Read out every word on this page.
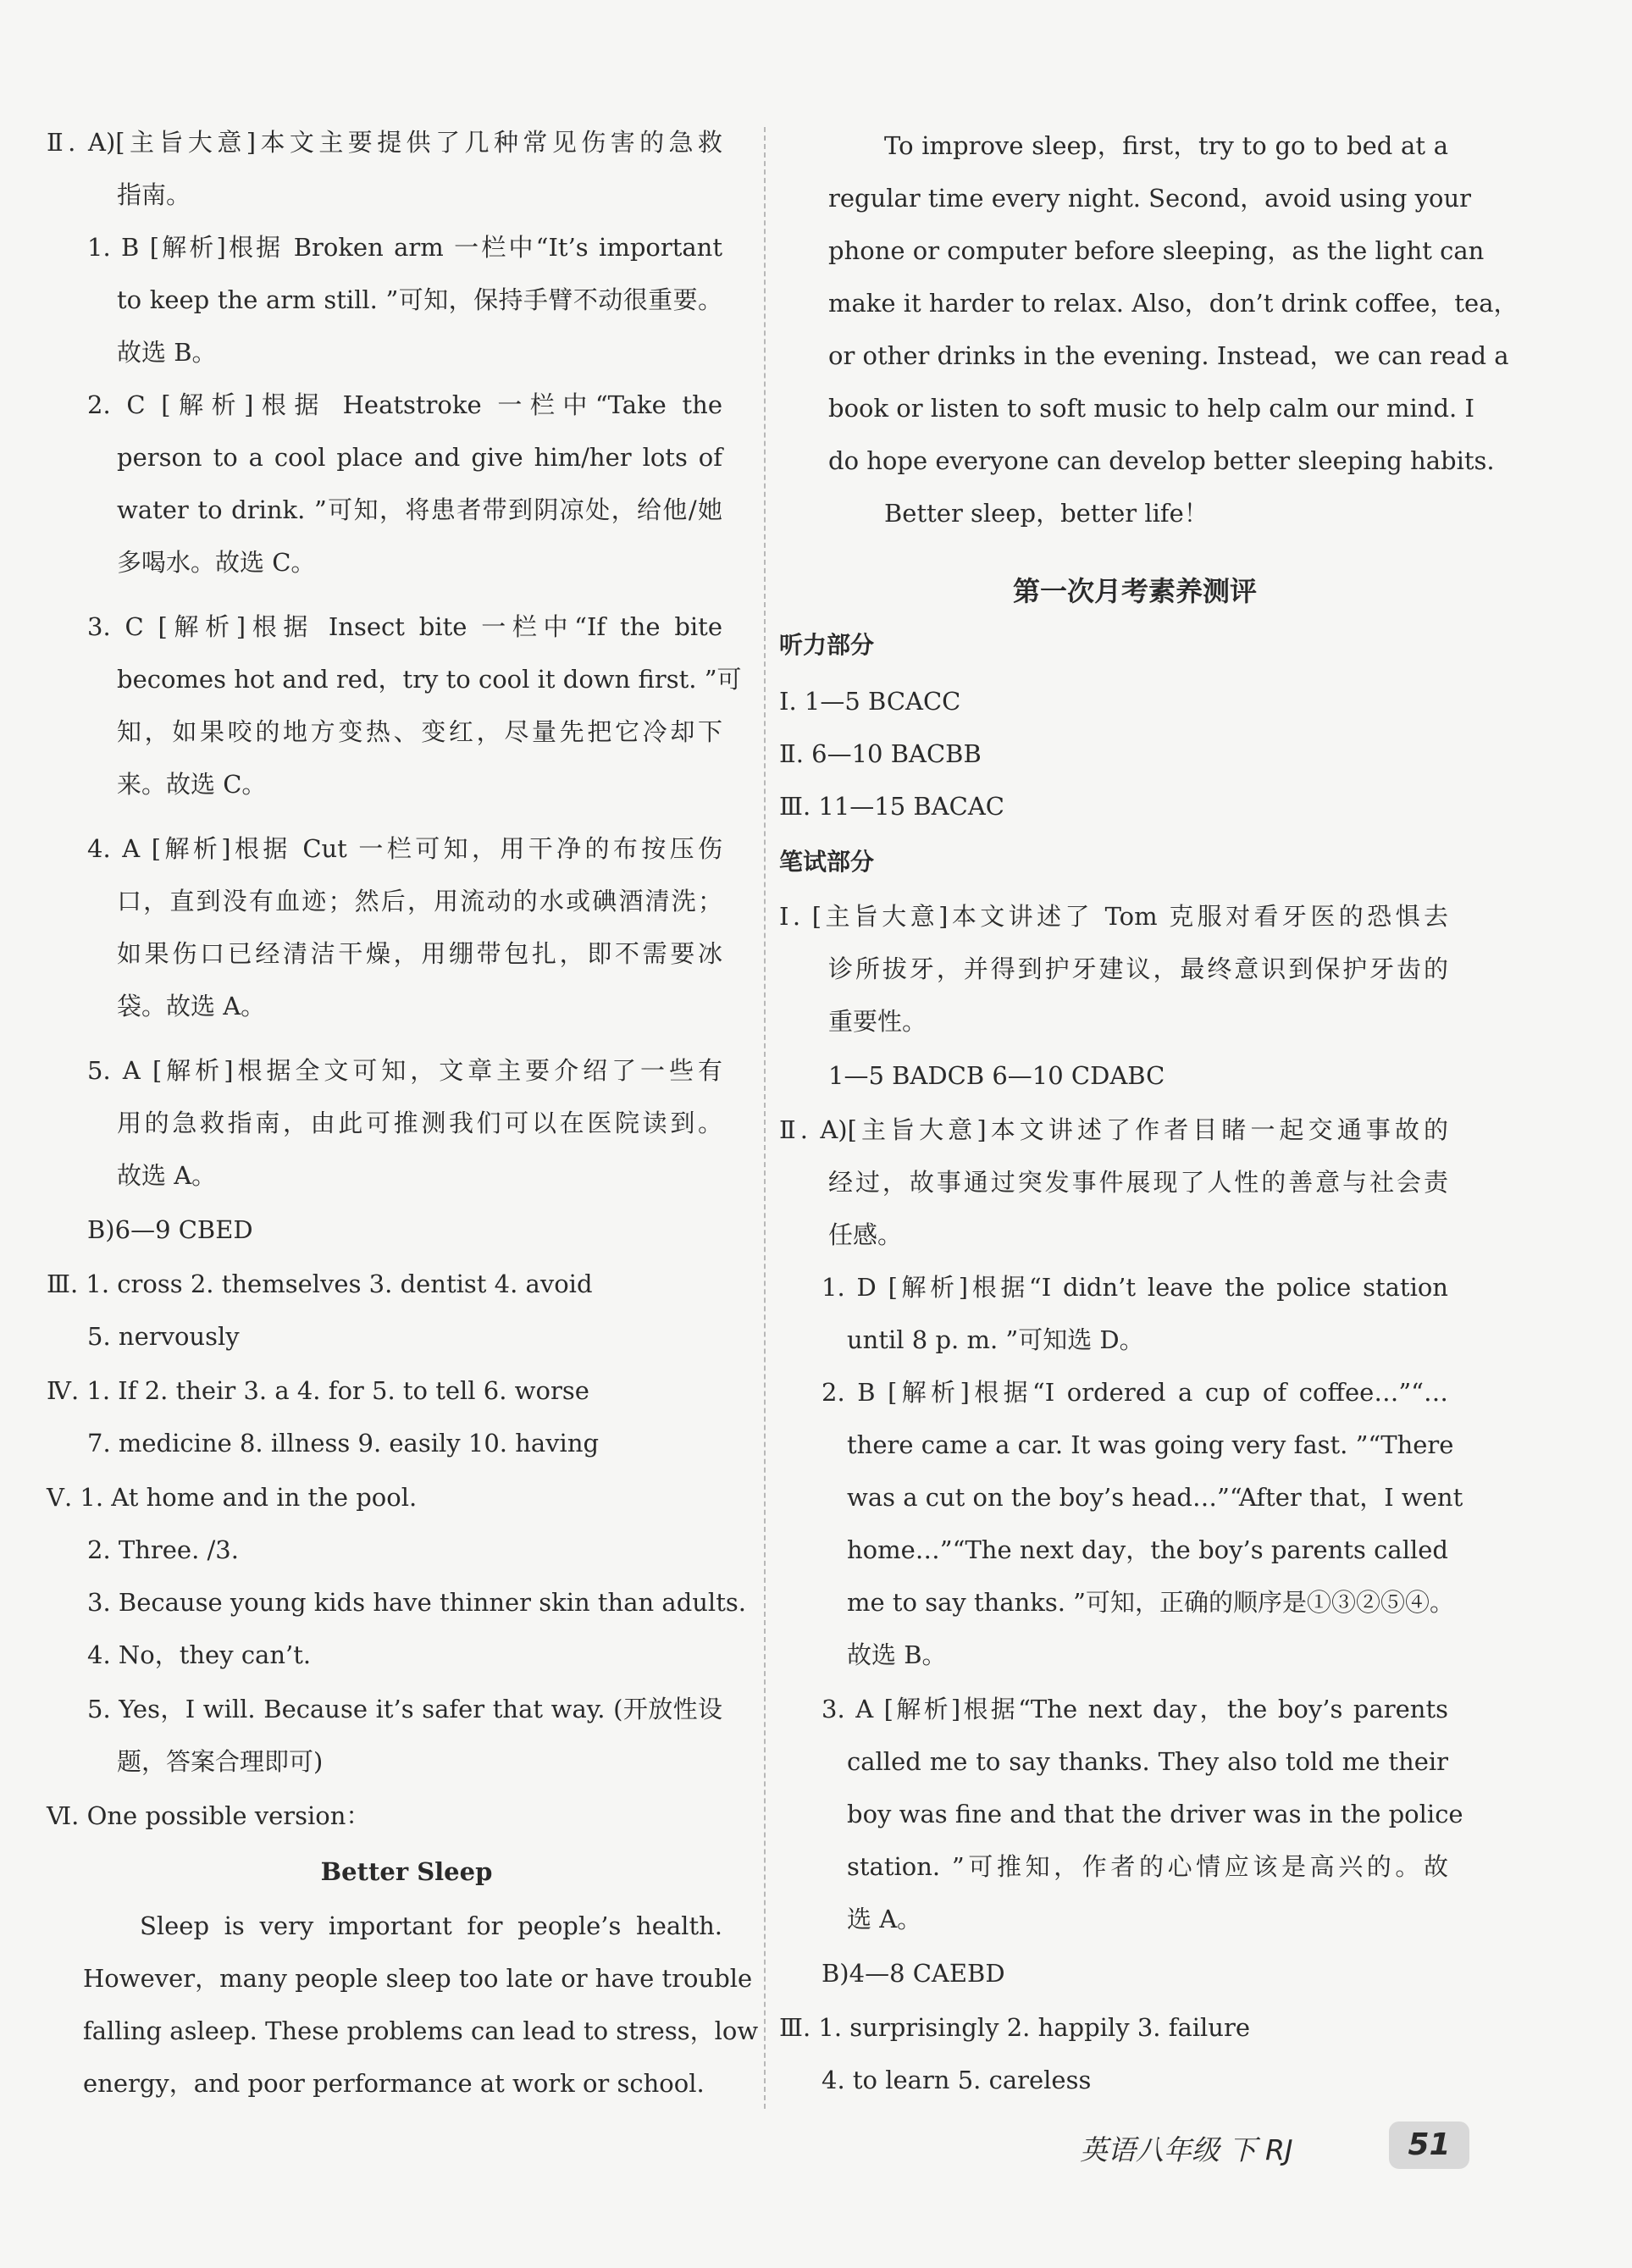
Ⅱ. A)[主旨大意]本文主要提供了几种常见伤害的急救
指南。
1. B [解析]根据 Broken arm 一栏中“It’s important
to keep the arm still. ”可知，保持手臂不动很重要。
故选 B。
2. C [解析]根据 Heatstroke 一栏中“Take the
person to a cool place and give him/her lots of
water to drink. ”可知，将患者带到阴凉处，给他/她
多喝水。故选 C。
3. C [解析]根据 Insect bite 一栏中“If the bite
becomes hot and red，try to cool it down first. ”可
知，如果咬的地方变热、变红，尽量先把它冷却下
来。故选 C。
4. A [解析]根据 Cut 一栏可知，用干净的布按压伤
口，直到没有血迹；然后，用流动的水或碘酒清洗；
如果伤口已经清洁干燥，用绷带包扎，即不需要冰
袋。故选 A。
5. A [解析]根据全文可知，文章主要介绍了一些有
用的急救指南，由此可推测我们可以在医院读到。
故选 A。
B)6—9 CBED
Ⅲ. 1. cross 2. themselves 3. dentist 4. avoid
5. nervously
Ⅳ. 1. If 2. their 3. a 4. for 5. to tell 6. worse
7. medicine 8. illness 9. easily 10. having
Ⅴ. 1. At home and in the pool.
2. Three. /3.
3. Because young kids have thinner skin than adults.
4. No，they can’t.
5. Yes，I will. Because it’s safer that way. (开放性设
题，答案合理即可)
Ⅵ. One possible version：
Better Sleep
Sleep is very important for people’s health.
However，many people sleep too late or have trouble
falling asleep. These problems can lead to stress，low
energy，and poor performance at work or school.
To improve sleep，first，try to go to bed at a
regular time every night. Second，avoid using your
phone or computer before sleeping，as the light can
make it harder to relax. Also，don’t drink coffee，tea，
or other drinks in the evening. Instead，we can read a
book or listen to soft music to help calm our mind. I
do hope everyone can develop better sleeping habits.
Better sleep，better life！
第一次月考素养测评
听力部分
Ⅰ. 1—5 BCACC
Ⅱ. 6—10 BACBB
Ⅲ. 11—15 BACAC
笔试部分
Ⅰ. [主旨大意]本文讲述了 Tom 克服对看牙医的恐惧去
诊所拔牙，并得到护牙建议，最终意识到保护牙齿的
重要性。
1—5 BADCB 6—10 CDABC
Ⅱ. A)[主旨大意]本文讲述了作者目睹一起交通事故的
经过，故事通过突发事件展现了人性的善意与社会责
任感。
1. D [解析]根据“I didn’t leave the police station
until 8 p. m. ”可知选 D。
2. B [解析]根据“I ordered a cup of coffee…”“…
there came a car. It was going very fast. ”“There
was a cut on the boy’s head…”“After that，I went
home…”“The next day，the boy’s parents called
me to say thanks. ”可知，正确的顺序是①③②⑤④。
故选 B。
3. A [解析]根据“The next day，the boy’s parents
called me to say thanks. They also told me their
boy was fine and that the driver was in the police
station. ”可推知，作者的心情应该是高兴的。故
选 A。
B)4—8 CAEBD
Ⅲ. 1. surprisingly 2. happily 3. failure
4. to learn 5. careless
英语八年级 下 RJ	51
